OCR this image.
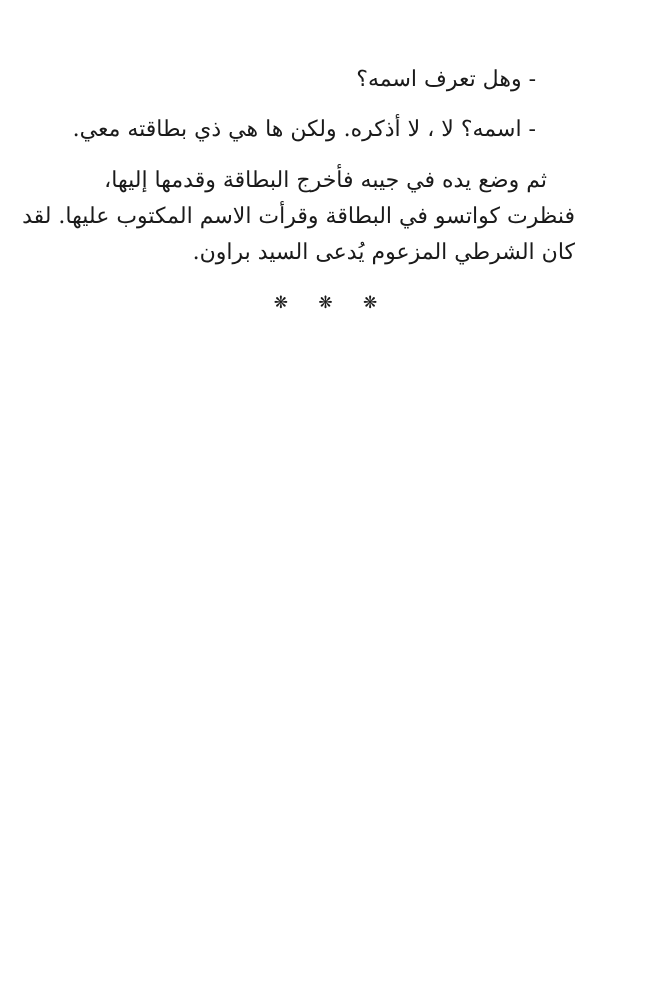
- وهل تعرف اسمه؟
- اسمه؟ لا ، لا أذكره. ولكن ها هي ذي بطاقته معي.
ثم وضع يده في جيبه فأخرج البطاقة وقدمها إليها،
فنظرت كواتسو في البطاقة وقرأت الاسم المكتوب عليها. لقد
كان الشرطي المزعوم يُدعى السيد براون.
❋ ❋ ❋
